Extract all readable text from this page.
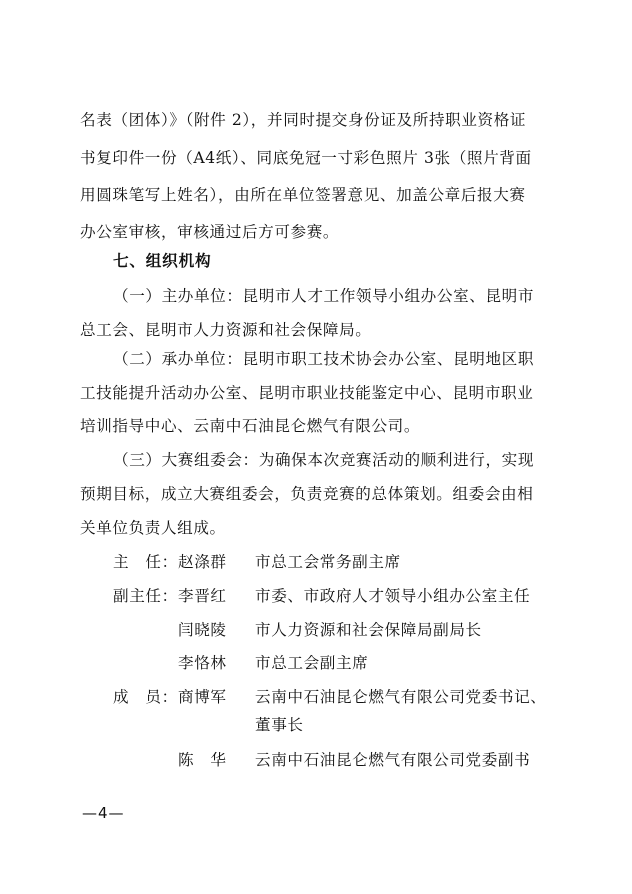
名表（团体）》（附件 2），并同时提交身份证及所持职业资格证
书复印件一份（A4纸）、同底免冠一寸彩色照片 3张（照片背面
用圆珠笔写上姓名），由所在单位签署意见、加盖公章后报大赛
办公室审核，审核通过后方可参赛。
七、组织机构
（一）主办单位：昆明市人才工作领导小组办公室、昆明市
总工会、昆明市人力资源和社会保障局。
（二）承办单位：昆明市职工技术协会办公室、昆明地区职
工技能提升活动办公室、昆明市职业技能鉴定中心、昆明市职业
培训指导中心、云南中石油昆仑燃气有限公司。
（三）大赛组委会：为确保本次竞赛活动的顺利进行，实现
预期目标，成立大赛组委会，负责竞赛的总体策划。组委会由相
关单位负责人组成。
主　任： 赵涤群 市总工会常务副主席
副主任： 李晋红 市委、市政府人才领导小组办公室主任
闫晓陵 市人力资源和社会保障局副局长
李恪林 市总工会副主席
成　员： 商博军 云南中石油昆仑燃气有限公司党委书记、
董事长
陈　华 云南中石油昆仑燃气有限公司党委副书
—4—
